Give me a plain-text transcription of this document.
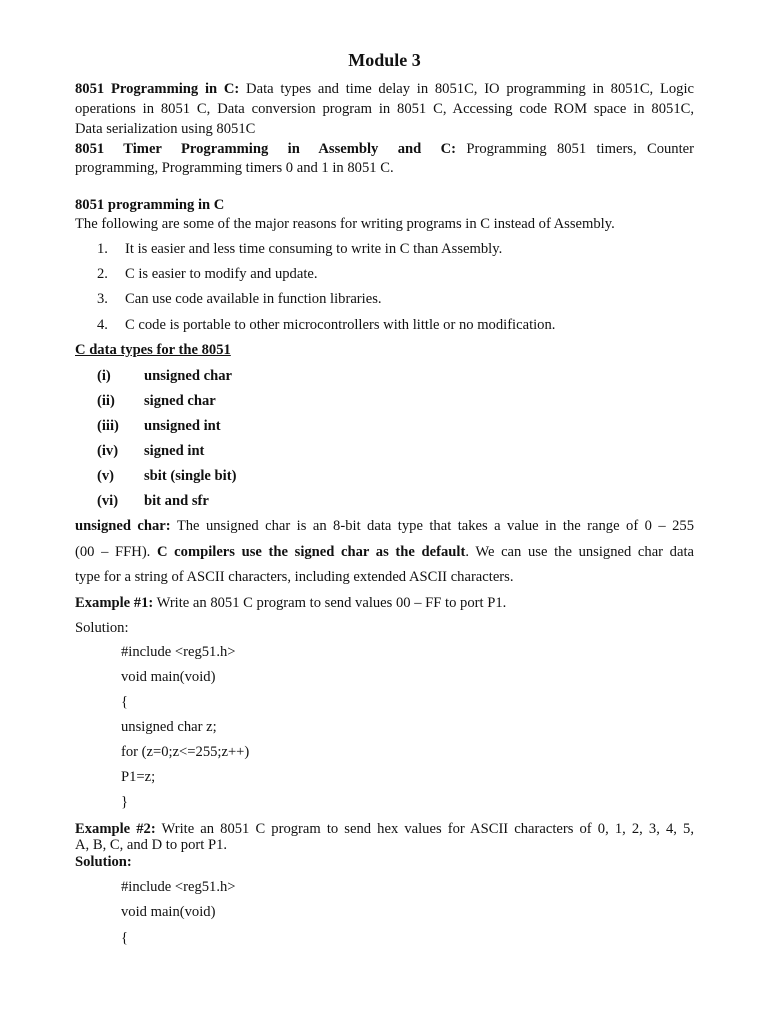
Module 3
8051 Programming in C: Data types and time delay in 8051C, IO programming in 8051C, Logic
operations in 8051 C, Data conversion program in 8051 C, Accessing code ROM space in 8051C,
Data serialization using 8051C
8051 Timer Programming in Assembly and C: Programming 8051 timers, Counter
programming, Programming timers 0 and 1 in 8051 C.
8051 programming in C
The following are some of the major reasons for writing programs in C instead of Assembly.
1. It is easier and less time consuming to write in C than Assembly.
2. C is easier to modify and update.
3. Can use code available in function libraries.
4. C code is portable to other microcontrollers with little or no modification.
C data types for the 8051
(i) unsigned char
(ii) signed char
(iii) unsigned int
(iv) signed int
(v) sbit (single bit)
(vi) bit and sfr
unsigned char: The unsigned char is an 8-bit data type that takes a value in the range of 0 – 255
(00 – FFH). C compilers use the signed char as the default. We can use the unsigned char data
type for a string of ASCII characters, including extended ASCII characters.
Example #1: Write an 8051 C program to send values 00 – FF to port P1.
Solution:
#include <reg51.h>
void main(void)
{
unsigned char z;
for (z=0;z<=255;z++)
P1=z;
}
Example #2: Write an 8051 C program to send hex values for ASCII characters of 0, 1, 2, 3, 4, 5,
A, B, C, and D to port P1.
Solution:
#include <reg51.h>
void main(void)
{
